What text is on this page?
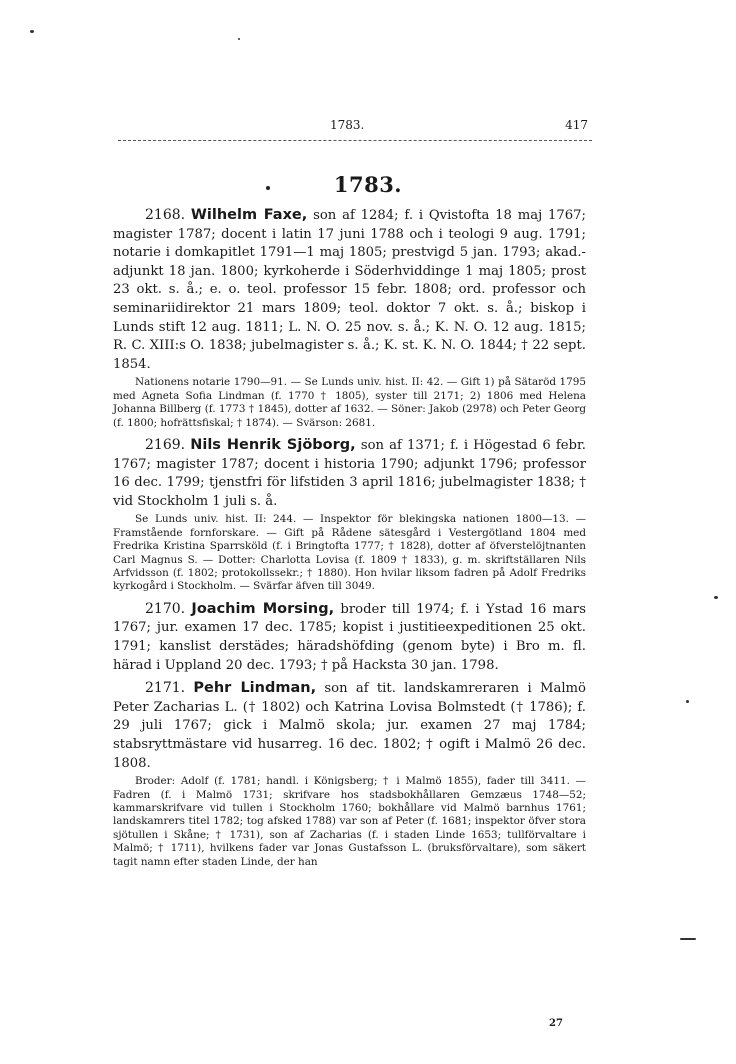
1783.	417
1783.

2168. Wilhelm Faxe, son af 1284; f. i Qvistofta 18 maj 1767; magister 1787; docent i latin 17 juni 1788 och i teologi 9 aug. 1791; notarie i domkapitlet 1791—1 maj 1805; prestvigd 5 jan. 1793; akad.-adjunkt 18 jan. 1800; kyrkoherde i Söderhviddinge 1 maj 1805; prost 23 okt. s. å.; e. o. teol. professor 15 febr. 1808; ord. professor och seminariidirektor 21 mars 1809; teol. doktor 7 okt. s. å.; biskop i Lunds stift 12 aug. 1811; L. N. O. 25 nov. s. å.; K. N. O. 12 aug. 1815; R. C. XIII:s O. 1838; jubelmagister s. å.; K. st. K. N. O. 1844; † 22 sept. 1854.

Nationens notarie 1790—91. — Se Lunds univ. hist. II: 42. — Gift 1) på Sätaröd 1795 med Agneta Sofia Lindman (f. 1770 † 1805), syster till 2171; 2) 1806 med Helena Johanna Billberg (f. 1773 † 1845), dotter af 1632. — Söner: Jakob (2978) och Peter Georg (f. 1800; hofrättsfiskal; † 1874). — Svärson: 2681.

2169. Nils Henrik Sjöborg, son af 1371; f. i Högestad 6 febr. 1767; magister 1787; docent i historia 1790; adjunkt 1796; professor 16 dec. 1799; tjenstfri för lifstiden 3 april 1816; jubelmagister 1838; † vid Stockholm 1 juli s. å.

Se Lunds univ. hist. II: 244. — Inspektor för blekingska nationen 1800—13. — Framstående fornforskare. — Gift på Rådene sätesgård i Vestergötland 1804 med Fredrika Kristina Sparrsköld (f. i Bringtofta 1777; † 1828), dotter af öfverstelöjtnanten Carl Magnus S. — Dotter: Charlotta Lovisa (f. 1809 † 1833), g. m. skriftställaren Nils Arfvidsson (f. 1802; protokollssekr.; † 1880). Hon hvilar liksom fadren på Adolf Fredriks kyrkogård i Stockholm. — Svärfar äfven till 3049.

2170. Joachim Morsing, broder till 1974; f. i Ystad 16 mars 1767; jur. examen 17 dec. 1785; kopist i justitieexpeditionen 25 okt. 1791; kanslist derstädes; häradshöfding (genom byte) i Bro m. fl. härad i Uppland 20 dec. 1793; † på Hacksta 30 jan. 1798.

2171. Pehr Lindman, son af tit. landskamreraren i Malmö Peter Zacharias L. († 1802) och Katrina Lovisa Bolmstedt († 1786); f. 29 juli 1767; gick i Malmö skola; jur. examen 27 maj 1784; stabsryttmästare vid husarreg. 16 dec. 1802; † ogift i Malmö 26 dec. 1808.

Broder: Adolf (f. 1781; handl. i Königsberg; † i Malmö 1855), fader till 3411. — Fadren (f. i Malmö 1731; skrifvare hos stadsbokhållaren Gemzæus 1748—52; kammarskrifvare vid tullen i Stockholm 1760; bokhållare vid Malmö barnhus 1761; landskamrers titel 1782; tog afsked 1788) var son af Peter (f. 1681; inspektor öfver stora sjötullen i Skåne; † 1731), son af Zacharias (f. i staden Linde 1653; tullförvaltare i Malmö; † 1711), hvilkens fader var Jonas Gustafsson L. (bruksförvaltare), som säkert tagit namn efter staden Linde, der han

27
